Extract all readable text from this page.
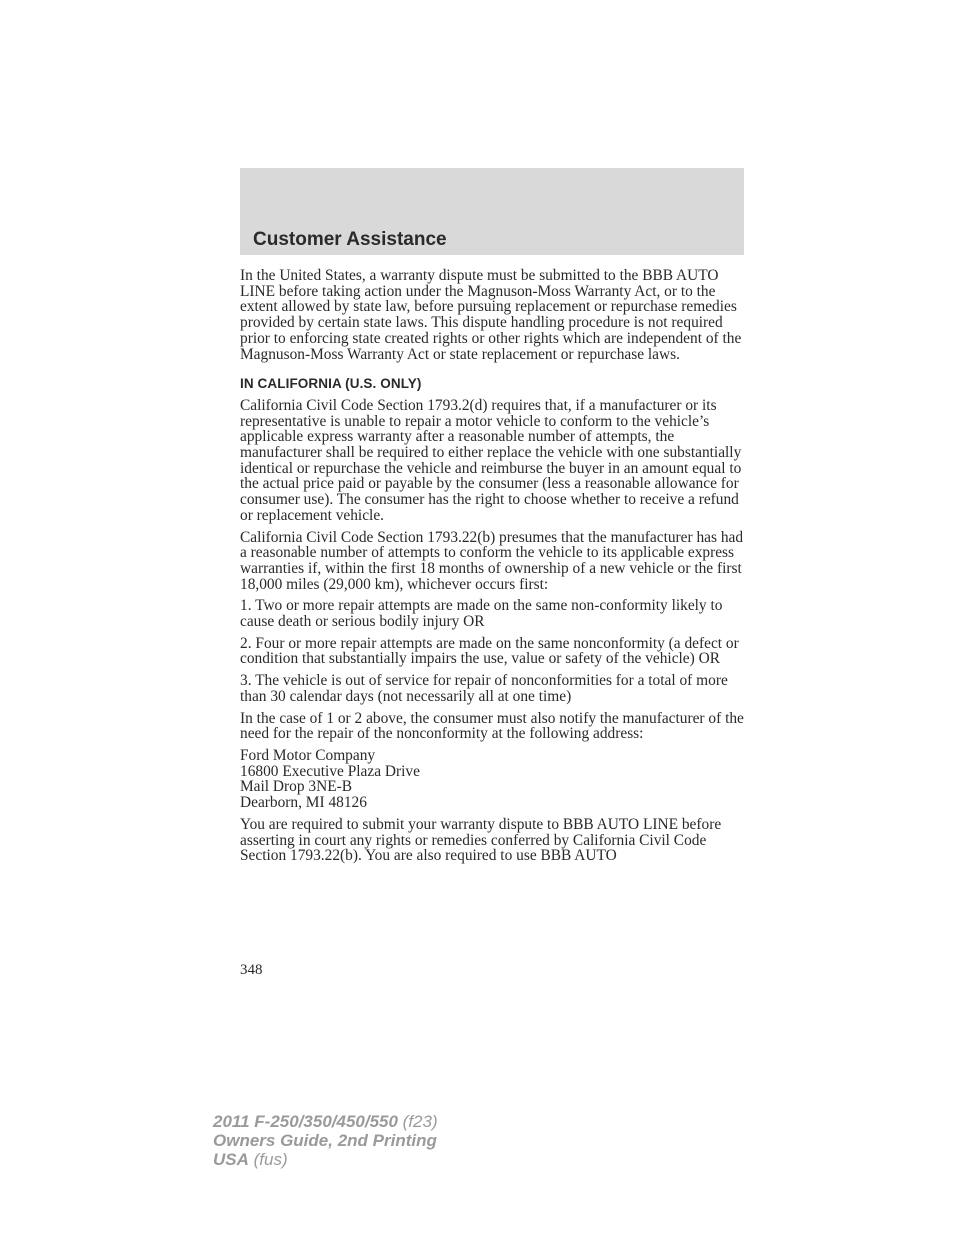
Customer Assistance

In the United States, a warranty dispute must be submitted to the BBB AUTO LINE before taking action under the Magnuson-Moss Warranty Act, or to the extent allowed by state law, before pursuing replacement or repurchase remedies provided by certain state laws. This dispute handling procedure is not required prior to enforcing state created rights or other rights which are independent of the Magnuson-Moss Warranty Act or state replacement or repurchase laws.

IN CALIFORNIA (U.S. ONLY)

California Civil Code Section 1793.2(d) requires that, if a manufacturer or its representative is unable to repair a motor vehicle to conform to the vehicle’s applicable express warranty after a reasonable number of attempts, the manufacturer shall be required to either replace the vehicle with one substantially identical or repurchase the vehicle and reimburse the buyer in an amount equal to the actual price paid or payable by the consumer (less a reasonable allowance for consumer use). The consumer has the right to choose whether to receive a refund or replacement vehicle.

California Civil Code Section 1793.22(b) presumes that the manufacturer has had a reasonable number of attempts to conform the vehicle to its applicable express warranties if, within the first 18 months of ownership of a new vehicle or the first 18,000 miles (29,000 km), whichever occurs first:

1. Two or more repair attempts are made on the same non-conformity likely to cause death or serious bodily injury OR

2. Four or more repair attempts are made on the same nonconformity (a defect or condition that substantially impairs the use, value or safety of the vehicle) OR

3. The vehicle is out of service for repair of nonconformities for a total of more than 30 calendar days (not necessarily all at one time)

In the case of 1 or 2 above, the consumer must also notify the manufacturer of the need for the repair of the nonconformity at the following address:

Ford Motor Company
16800 Executive Plaza Drive
Mail Drop 3NE-B
Dearborn, MI 48126

You are required to submit your warranty dispute to BBB AUTO LINE before asserting in court any rights or remedies conferred by California Civil Code Section 1793.22(b). You are also required to use BBB AUTO

348
2011 F-250/350/450/550 (f23)
Owners Guide, 2nd Printing
USA (fus)
